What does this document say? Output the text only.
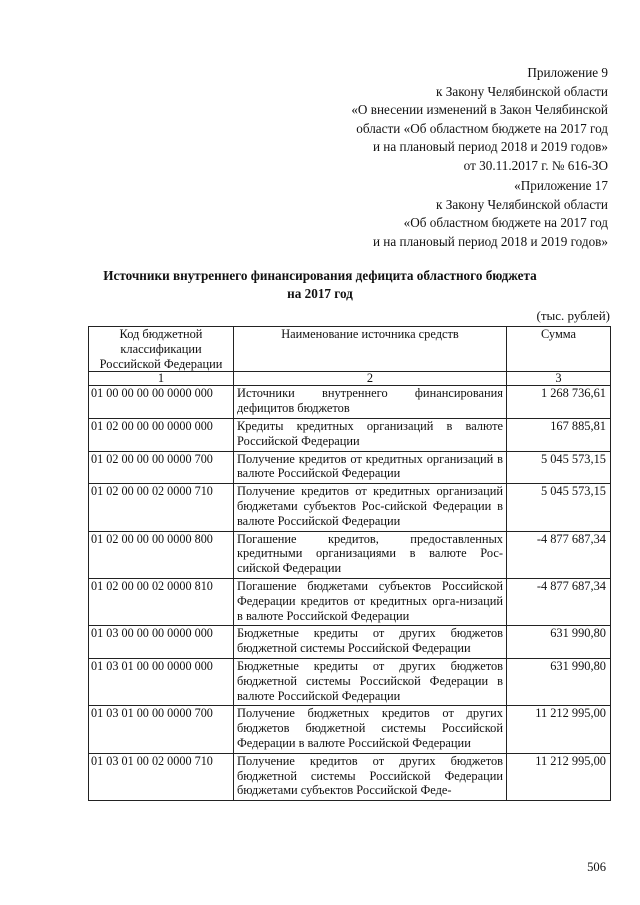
Приложение 9
к Закону Челябинской области
«О внесении изменений в Закон Челябинской
области «Об областном бюджете на 2017 год
и на плановый период 2018 и 2019 годов»
от 30.11.2017 г. № 616-ЗО
«Приложение 17
к Закону Челябинской области
«Об областном бюджете на 2017 год
и на плановый период 2018 и 2019 годов»
Источники внутреннего финансирования дефицита областного бюджета
на 2017 год
(тыс. рублей)
Код бюджетной классификации Российской Федерации	Наименование источника средств	Сумма
1	2	3
01 00 00 00 00 0000 000	Источники внутреннего финансирования дефицитов бюджетов	1 268 736,61
01 02 00 00 00 0000 000	Кредиты кредитных организаций в валюте Российской Федерации	167 885,81
01 02 00 00 00 0000 700	Получение кредитов от кредитных организаций в валюте Российской Федерации	5 045 573,15
01 02 00 00 02 0000 710	Получение кредитов от кредитных организаций бюджетами субъектов Рос-сийской Федерации в валюте Российской Федерации	5 045 573,15
01 02 00 00 00 0000 800	Погашение кредитов, предоставленных кредитными организациями в валюте Рос-сийской Федерации	-4 877 687,34
01 02 00 00 02 0000 810	Погашение бюджетами субъектов Российской Федерации кредитов от кредитных орга-низаций в валюте Российской Федерации	-4 877 687,34
01 03 00 00 00 0000 000	Бюджетные кредиты от других бюджетов бюджетной системы Российской Федерации	631 990,80
01 03 01 00 00 0000 000	Бюджетные кредиты от других бюджетов бюджетной системы Российской Федерации в валюте Российской Федерации	631 990,80
01 03 01 00 00 0000 700	Получение бюджетных кредитов от других бюджетов бюджетной системы Российской Федерации в валюте Российской Федерации	11 212 995,00
01 03 01 00 02 0000 710	Получение кредитов от других бюджетов бюджетной системы Российской Федерации бюджетами субъектов Российской Феде-	11 212 995,00
506
